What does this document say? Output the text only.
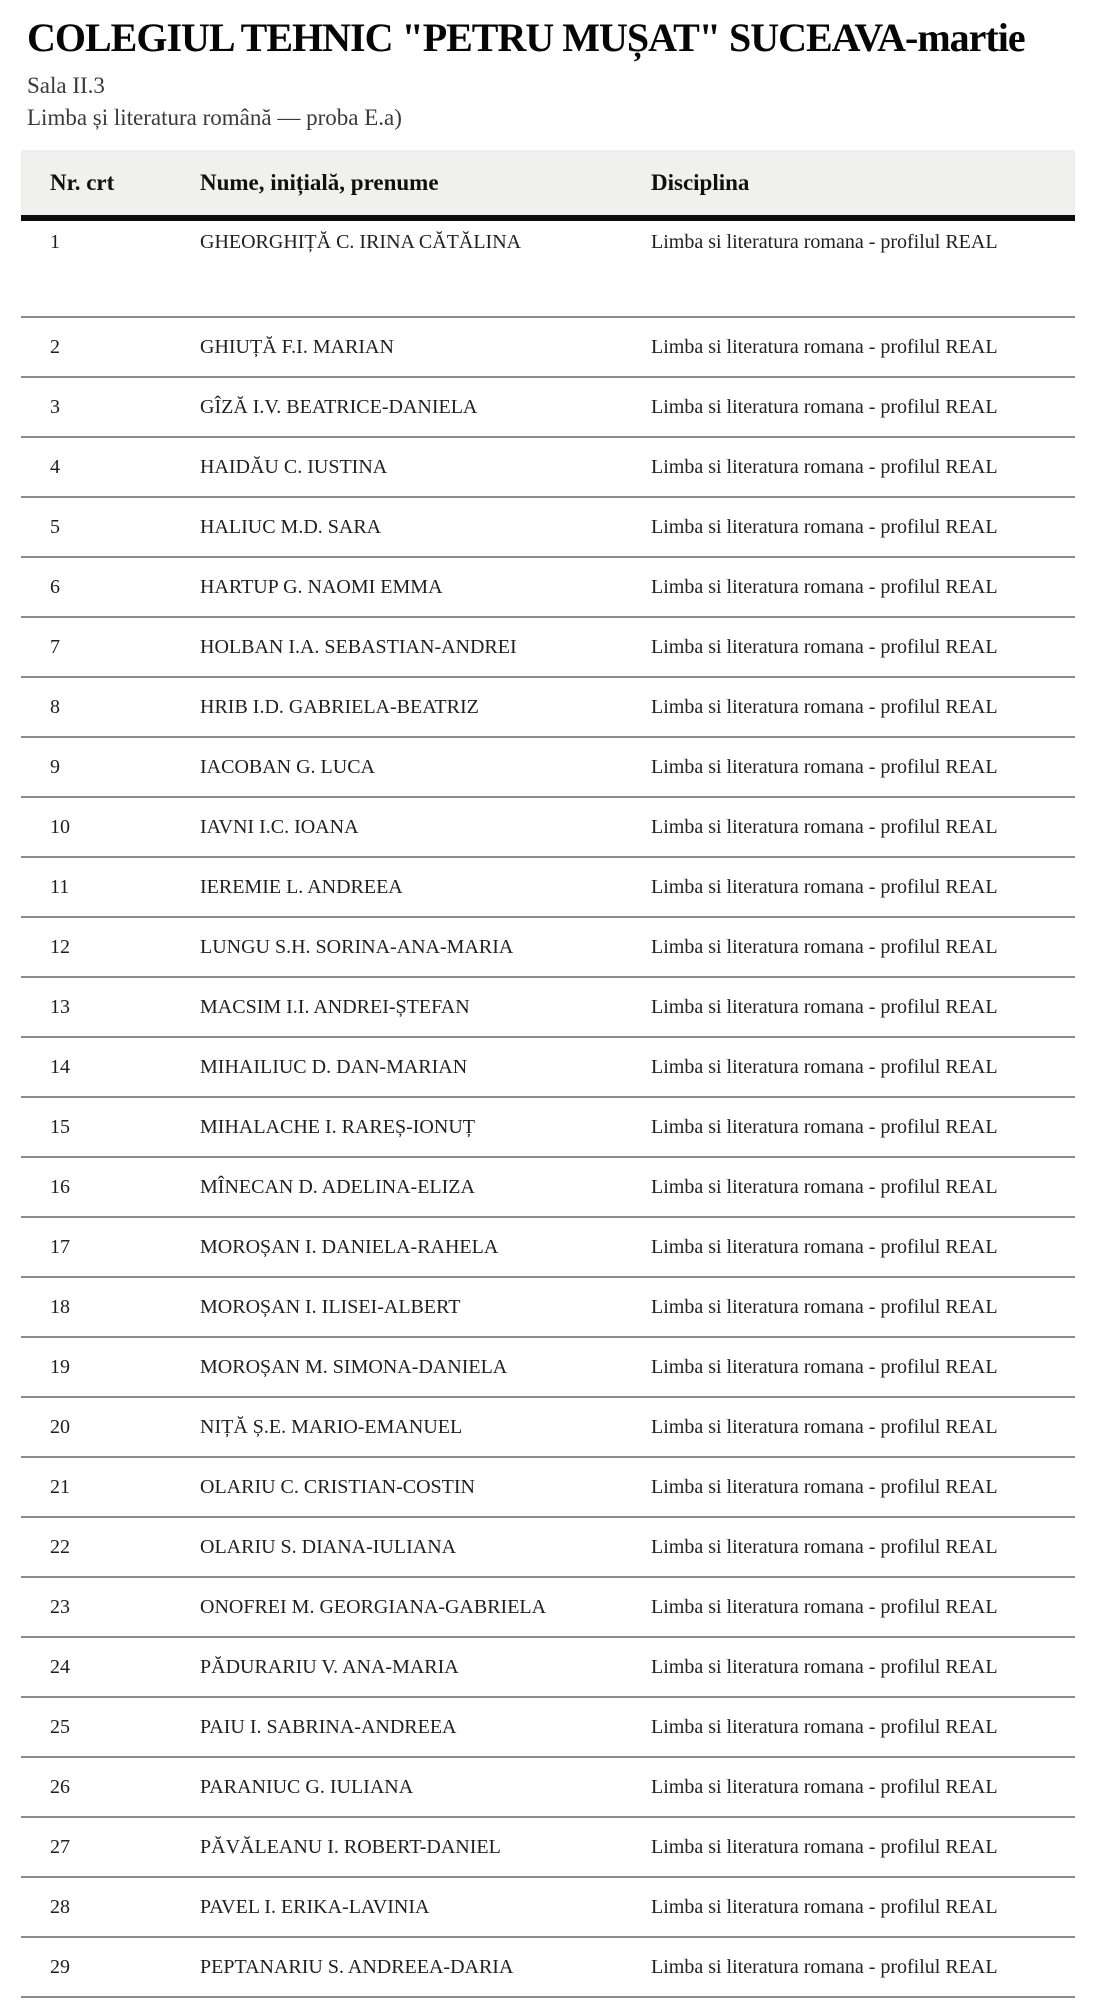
COLEGIUL TEHNIC "PETRU MUȘAT" SUCEAVA-martie
Sala II.3
Limba și literatura română — proba E.a)
Nr. crt	Nume, inițială, prenume	Disciplina
1	GHEORGHIȚĂ C. IRINA CĂTĂLINA	Limba si literatura romana - profilul REAL
2	GHIUȚĂ F.I. MARIAN	Limba si literatura romana - profilul REAL
3	GÎZĂ I.V. BEATRICE-DANIELA	Limba si literatura romana - profilul REAL
4	HAIDĂU C. IUSTINA	Limba si literatura romana - profilul REAL
5	HALIUC M.D. SARA	Limba si literatura romana - profilul REAL
6	HARTUP G. NAOMI EMMA	Limba si literatura romana - profilul REAL
7	HOLBAN I.A. SEBASTIAN-ANDREI	Limba si literatura romana - profilul REAL
8	HRIB I.D. GABRIELA-BEATRIZ	Limba si literatura romana - profilul REAL
9	IACOBAN G. LUCA	Limba si literatura romana - profilul REAL
10	IAVNI I.C. IOANA	Limba si literatura romana - profilul REAL
11	IEREMIE L. ANDREEA	Limba si literatura romana - profilul REAL
12	LUNGU S.H. SORINA-ANA-MARIA	Limba si literatura romana - profilul REAL
13	MACSIM I.I. ANDREI-ȘTEFAN	Limba si literatura romana - profilul REAL
14	MIHAILIUC D. DAN-MARIAN	Limba si literatura romana - profilul REAL
15	MIHALACHE I. RAREȘ-IONUȚ	Limba si literatura romana - profilul REAL
16	MÎNECAN D. ADELINA-ELIZA	Limba si literatura romana - profilul REAL
17	MOROȘAN I. DANIELA-RAHELA	Limba si literatura romana - profilul REAL
18	MOROȘAN I. ILISEI-ALBERT	Limba si literatura romana - profilul REAL
19	MOROȘAN M. SIMONA-DANIELA	Limba si literatura romana - profilul REAL
20	NIȚĂ Ș.E. MARIO-EMANUEL	Limba si literatura romana - profilul REAL
21	OLARIU C. CRISTIAN-COSTIN	Limba si literatura romana - profilul REAL
22	OLARIU S. DIANA-IULIANA	Limba si literatura romana - profilul REAL
23	ONOFREI M. GEORGIANA-GABRIELA	Limba si literatura romana - profilul REAL
24	PĂDURARIU V. ANA-MARIA	Limba si literatura romana - profilul REAL
25	PAIU I. SABRINA-ANDREEA	Limba si literatura romana - profilul REAL
26	PARANIUC G. IULIANA	Limba si literatura romana - profilul REAL
27	PĂVĂLEANU I. ROBERT-DANIEL	Limba si literatura romana - profilul REAL
28	PAVEL I. ERIKA-LAVINIA	Limba si literatura romana - profilul REAL
29	PEPTANARIU S. ANDREEA-DARIA	Limba si literatura romana - profilul REAL
